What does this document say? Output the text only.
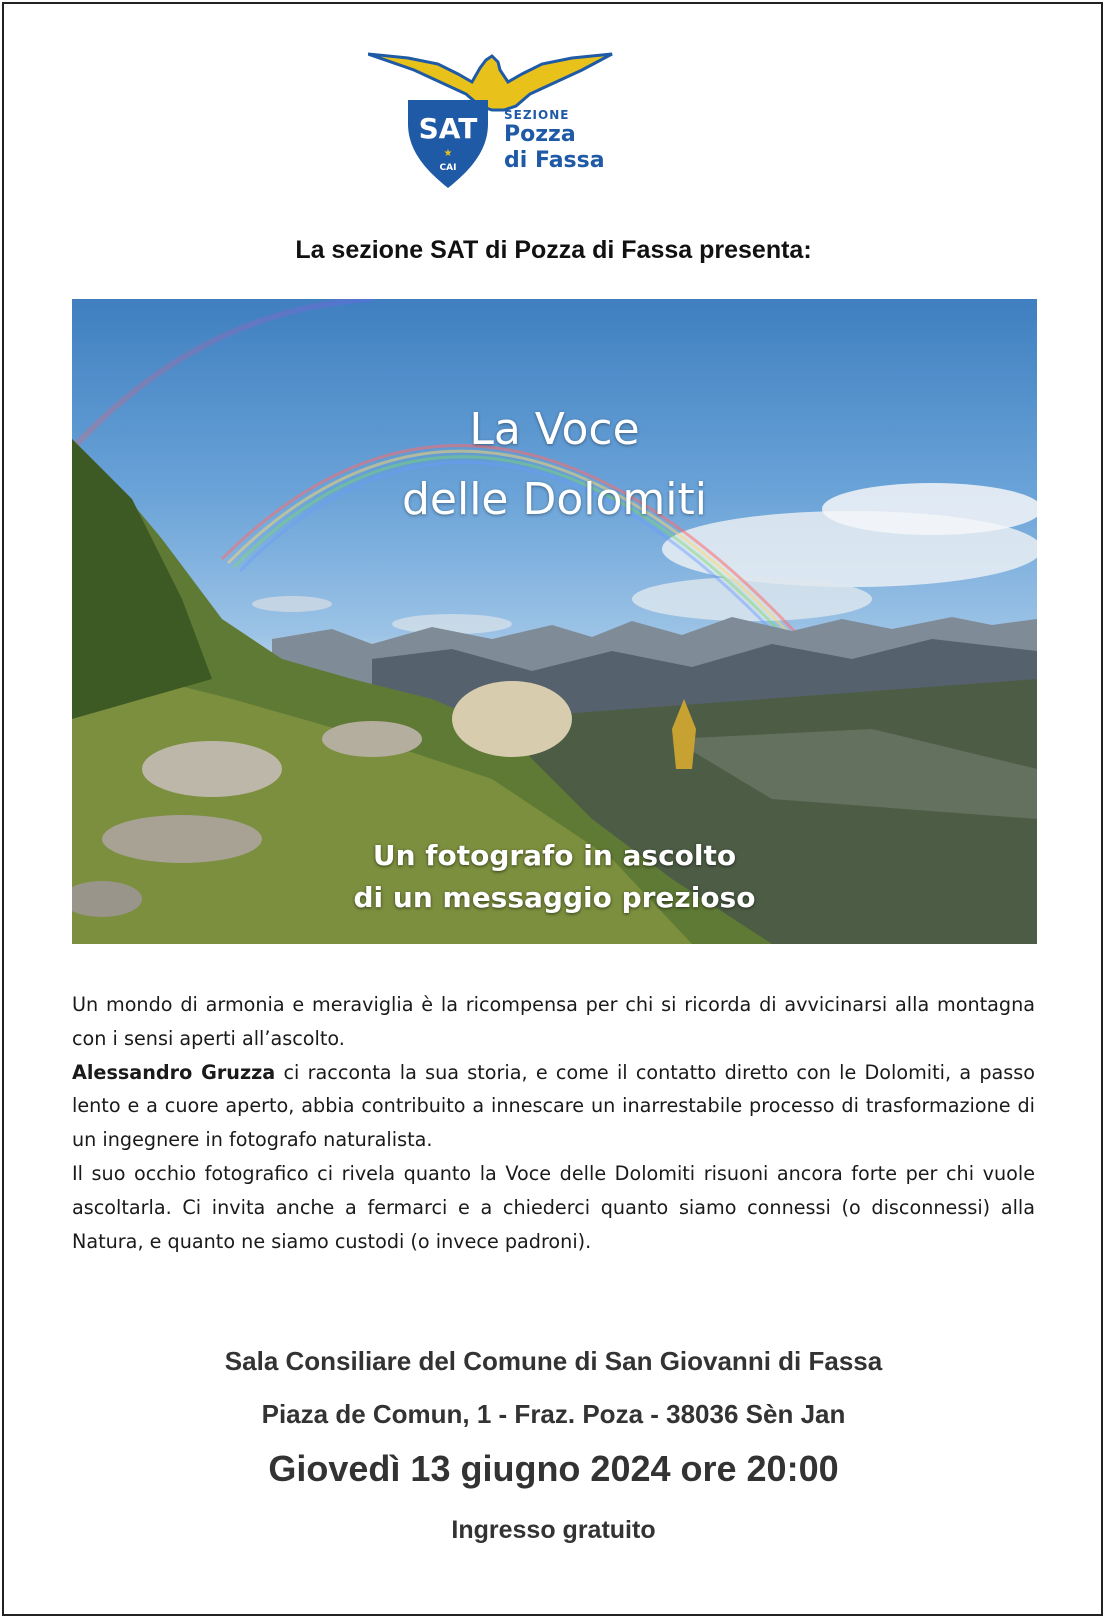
SAT
CAI
★
SEZIONE
Pozza
di Fassa
La sezione SAT di Pozza di Fassa presenta:
La Voce
delle Dolomiti
Un fotografo in ascolto
di un messaggio prezioso

Un mondo di armonia e meraviglia è la ricompensa per chi si ricorda di avvicinarsi alla montagna con i sensi aperti all’ascolto.

Alessandro Gruzza ci racconta la sua storia, e come il contatto diretto con le Dolomiti, a passo lento e a cuore aperto, abbia contribuito a innescare un inarrestabile processo di trasformazione di un ingegnere in fotografo naturalista.

Il suo occhio fotografico ci rivela quanto la Voce delle Dolomiti risuoni ancora forte per chi vuole ascoltarla. Ci invita anche a fermarci e a chiederci quanto siamo connessi (o disconnessi) alla Natura, e quanto ne siamo custodi (o invece padroni).

Sala Consiliare del Comune di San Giovanni di Fassa
Piaza de Comun, 1 - Fraz. Poza - 38036 Sèn Jan
Giovedì 13 giugno 2024 ore 20:00
Ingresso gratuito
